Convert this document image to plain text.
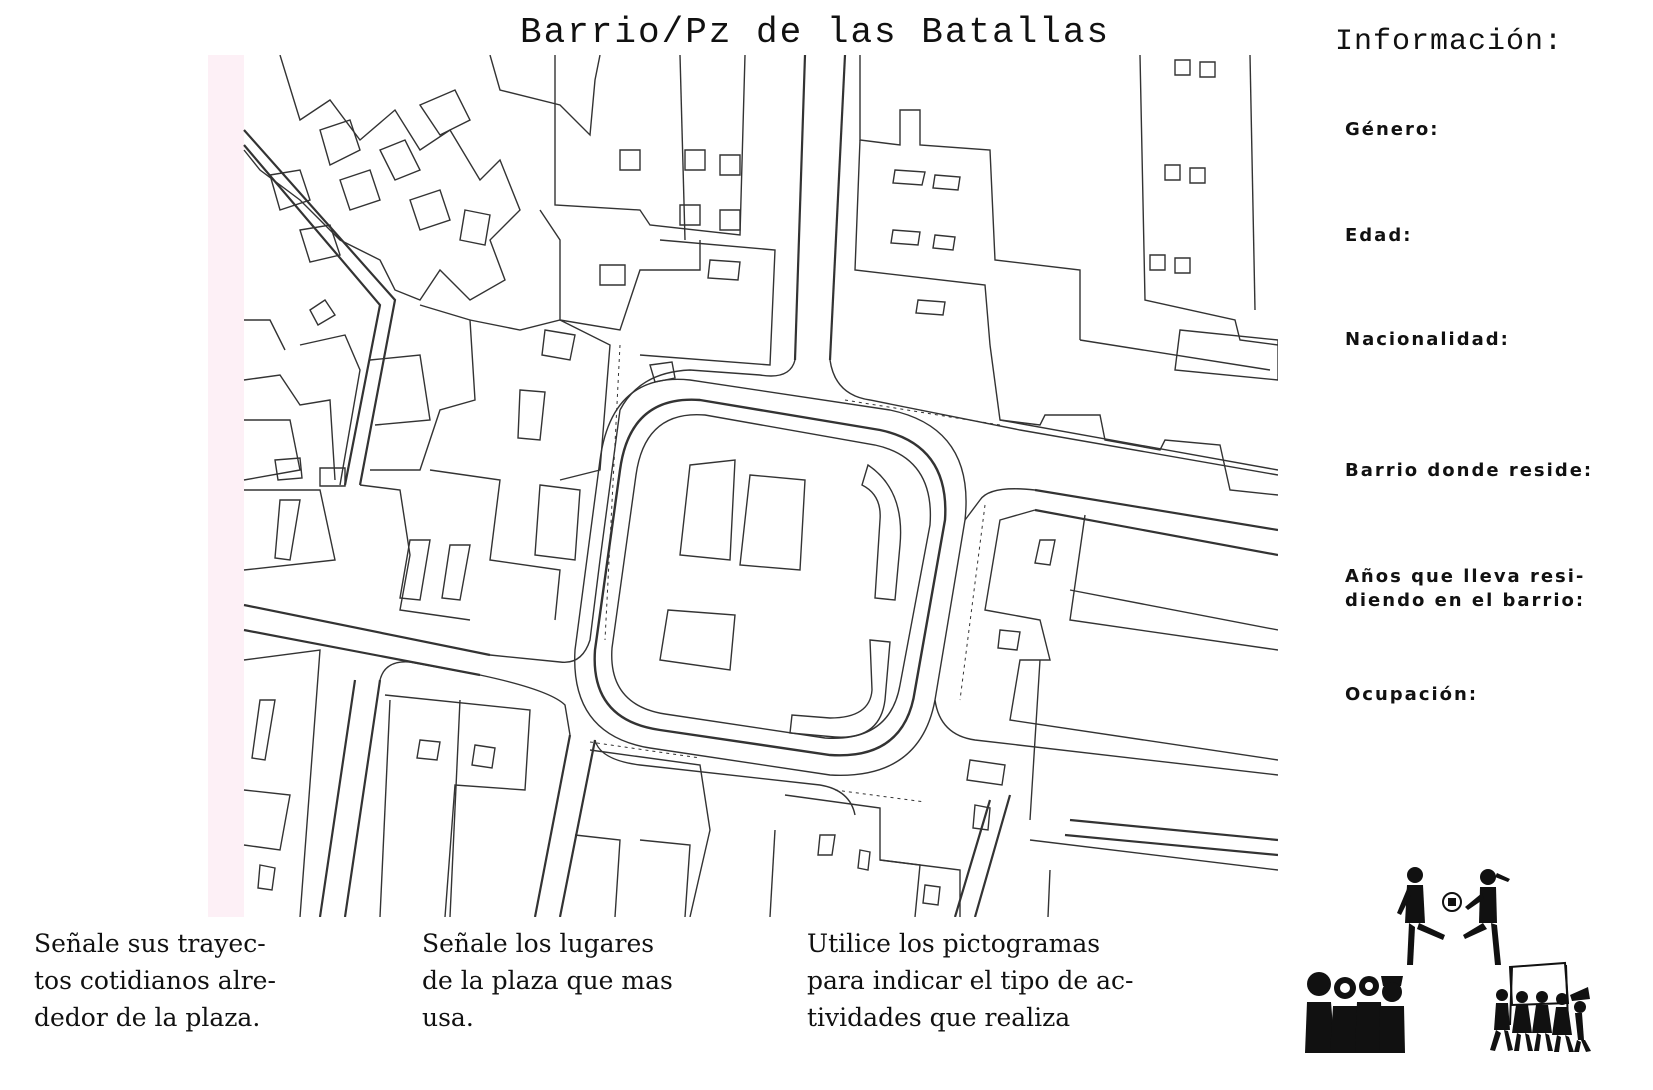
Barrio/Pz de las Batallas	Información:
Género:
Edad:
Nacionalidad:
Barrio donde reside:
Años que lleva resi-
diendo en el barrio:
Ocupación:
Señale sus trayec-
tos cotidianos alre-
dedor de la plaza.
Señale los lugares
de la plaza que mas
usa.
Utilice los pictogramas
para indicar el tipo de ac-
tividades que realiza
